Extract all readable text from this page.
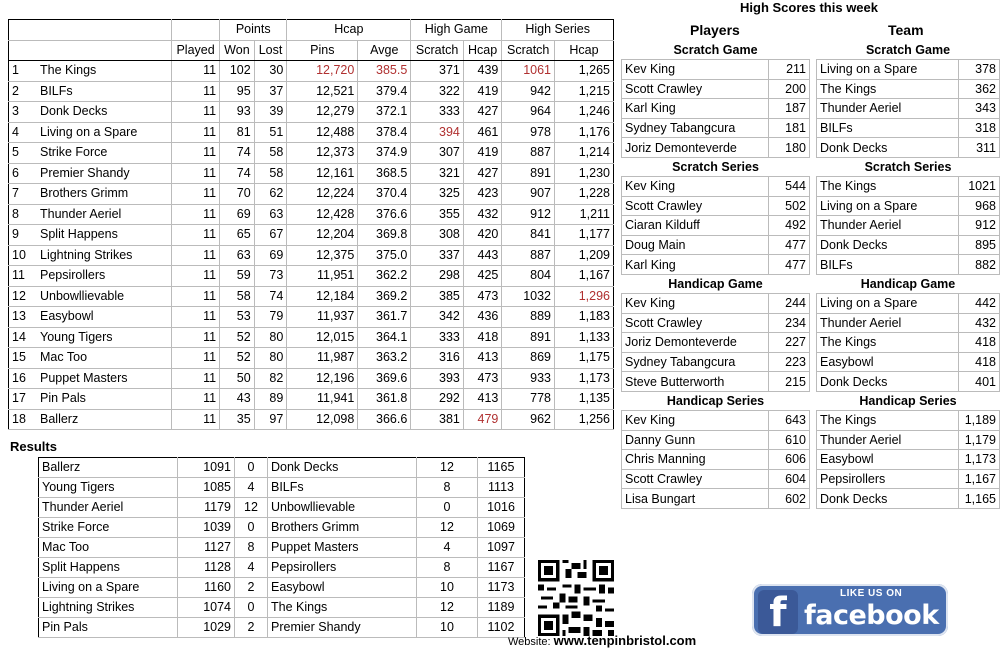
			Points		Hcap		High Game		High Series	
		Played	Won	Lost	Pins	Avge	Scratch	Hcap	Scratch	Hcap
1	The Kings	11	102	30	12,720	385.5	371	439	1061	1,265
2	BILFs	11	95	37	12,521	379.4	322	419	942	1,215
3	Donk Decks	11	93	39	12,279	372.1	333	427	964	1,246
4	Living on a Spare	11	81	51	12,488	378.4	394	461	978	1,176
5	Strike Force	11	74	58	12,373	374.9	307	419	887	1,214
6	Premier Shandy	11	74	58	12,161	368.5	321	427	891	1,230
7	Brothers Grimm	11	70	62	12,224	370.4	325	423	907	1,228
8	Thunder Aeriel	11	69	63	12,428	376.6	355	432	912	1,211
9	Split Happens	11	65	67	12,204	369.8	308	420	841	1,177
10	Lightning Strikes	11	63	69	12,375	375.0	337	443	887	1,209
11	Pepsirollers	11	59	73	11,951	362.2	298	425	804	1,167
12	Unbowllievable	11	58	74	12,184	369.2	385	473	1032	1,296
13	Easybowl	11	53	79	11,937	361.7	342	436	889	1,183
14	Young Tigers	11	52	80	12,015	364.1	333	418	891	1,133
15	Mac Too	11	52	80	11,987	363.2	316	413	869	1,175
16	Puppet Masters	11	50	82	12,196	369.6	393	473	933	1,173
17	Pin Pals	11	43	89	11,941	361.8	292	413	778	1,135
18	Ballerz	11	35	97	12,098	366.6	381	479	962	1,256
High Scores this week
Players	Team
Scratch Game	
Kev King	211
Scott Crawley	200
Karl King	187
Sydney Tabangcura	181
Joriz Demonteverde	180
Scratch Series	
Kev King	544
Scott Crawley	502
Ciaran Kilduff	492
Doug Main	477
Karl King	477
Handicap Game	
Kev King	244
Scott Crawley	234
Joriz Demonteverde	227
Sydney Tabangcura	223
Steve Butterworth	215
Handicap Series	
Kev King	643
Danny Gunn	610
Chris Manning	606
Scott Crawley	604
Lisa Bungart	602
Scratch Game	
Living on a Spare	378
The Kings	362
Thunder Aeriel	343
BILFs	318
Donk Decks	311
Scratch Series	
The Kings	1021
Living on a Spare	968
Thunder Aeriel	912
Donk Decks	895
BILFs	882
Handicap Game	
Living on a Spare	442
Thunder Aeriel	432
The Kings	418
Easybowl	418
Donk Decks	401
Handicap Series	
The Kings	1,189
Thunder Aeriel	1,179
Easybowl	1,173
Pepsirollers	1,167
Donk Decks	1,165
Results
Ballerz	1091	0	Donk Decks	12	1165
Young Tigers	1085	4	BILFs	8	1113
Thunder Aeriel	1179	12	Unbowllievable	0	1016
Strike Force	1039	0	Brothers Grimm	12	1069
Mac Too	1127	8	Puppet Masters	4	1097
Split Happens	1128	4	Pepsirollers	8	1167
Living on a Spare	1160	2	Easybowl	10	1173
Lightning Strikes	1074	0	The Kings	12	1189
Pin Pals	1029	2	Premier Shandy	10	1102	f	LIKE US ON
facebook
Website: www.tenpinbristol.com
